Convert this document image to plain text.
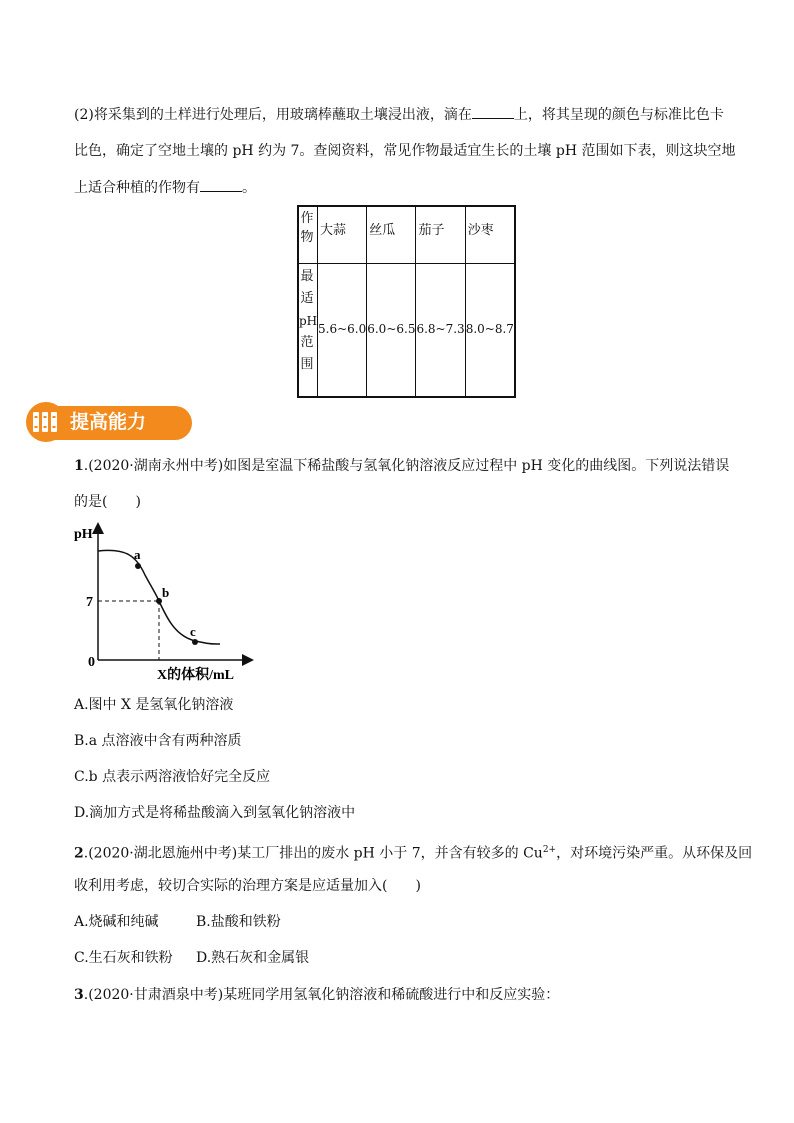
(2)将采集到的土样进行处理后，用玻璃棒蘸取土壤浸出液，滴在	上，将其呈现的颜色与标准比色卡
比色，确定了空地土壤的 pH 约为 7。查阅资料，常见作物最适宜生长的土壤 pH 范围如下表，则这块空地
上适合种植的作物有	。
作
物	大蒜	丝瓜	茄子	沙枣

最
适
pH
范
围	5.6~6.0	6.0~6.5	6.8~7.3	8.0~8.7
提高能力
1.(2020·湖南永州中考)如图是室温下稀盐酸与氢氧化钠溶液反应过程中 pH 变化的曲线图。下列说法错误
的是(　　)
pH
0
7
a
b
c
X的体积/mL
A.图中 X 是氢氧化钠溶液
B.a 点溶液中含有两种溶质
C.b 点表示两溶液恰好完全反应
D.滴加方式是将稀盐酸滴入到氢氧化钠溶液中
2.(2020·湖北恩施州中考)某工厂排出的废水 pH 小于 7，并含有较多的 $Cu^{2+}$，对环境污染严重。从环保及回
收利用考虑，较切合实际的治理方案是应适量加入(　　)
A.烧碱和纯碱	B.盐酸和铁粉
C.生石灰和铁粉 D.熟石灰和金属银
3.(2020·甘肃酒泉中考)某班同学用氢氧化钠溶液和稀硫酸进行中和反应实验：
